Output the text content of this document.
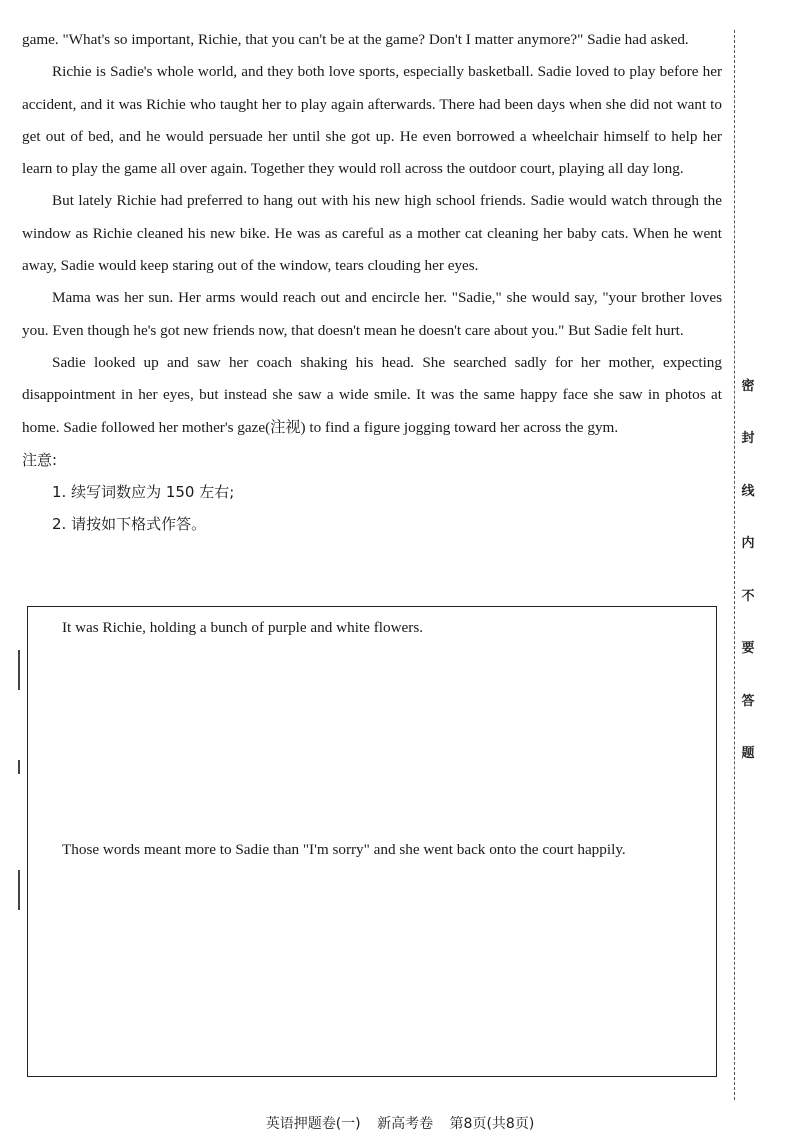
game. "What's so important, Richie, that you can't be at the game? Don't I matter anymore?" Sadie had asked.

Richie is Sadie's whole world, and they both love sports, especially basketball. Sadie loved to play before her accident, and it was Richie who taught her to play again afterwards. There had been days when she did not want to get out of bed, and he would persuade her until she got up. He even borrowed a wheelchair himself to help her learn to play the game all over again. Together they would roll across the outdoor court, playing all day long.

But lately Richie had preferred to hang out with his new high school friends. Sadie would watch through the window as Richie cleaned his new bike. He was as careful as a mother cat cleaning her baby cats. When he went away, Sadie would keep staring out of the window, tears clouding her eyes.

Mama was her sun. Her arms would reach out and encircle her. "Sadie," she would say, "your brother loves you. Even though he's got new friends now, that doesn't mean he doesn't care about you." But Sadie felt hurt.

Sadie looked up and saw her coach shaking his head. She searched sadly for her mother, expecting disappointment in her eyes, but instead she saw a wide smile. It was the same happy face she saw in photos at home. Sadie followed her mother's gaze(注视) to find a figure jogging toward her across the gym.

注意:

1. 续写词数应为 150 左右;

2. 请按如下格式作答。

It was Richie, holding a bunch of purple and white flowers.

Those words meant more to Sadie than "I'm sorry" and she went back onto the court happily.

密
封
线
内
不
要
答
题
英语押题卷(一) 新高考卷 第8页(共8页)
